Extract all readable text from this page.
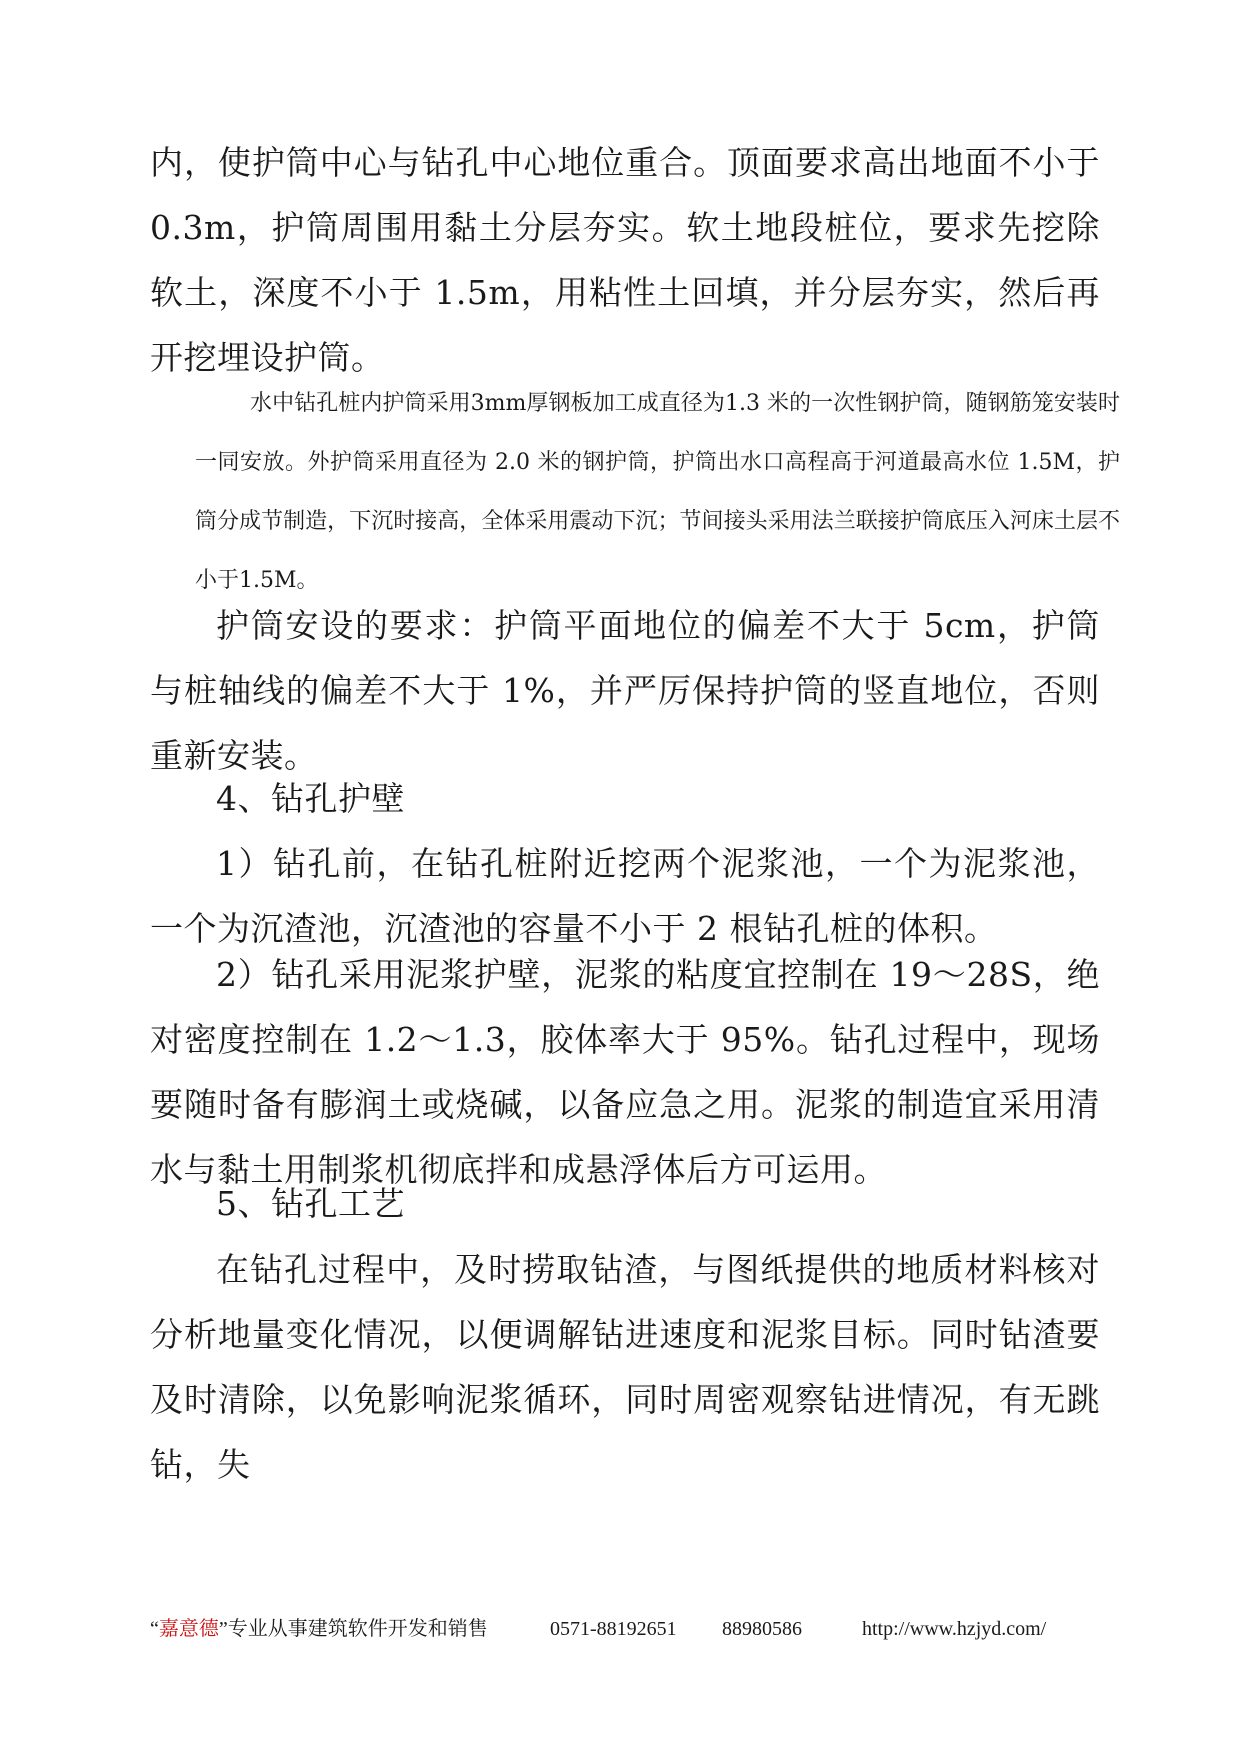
内，使护筒中心与钻孔中心地位重合。顶面要求高出地面不小于0.3m，护筒周围用黏土分层夯实。软土地段桩位，要求先挖除软土，深度不小于 1.5m，用粘性土回填，并分层夯实，然后再开挖埋设护筒。

水中钻孔桩内护筒采用3mm厚钢板加工成直径为1.3 米的一次性钢护筒，随钢筋笼安装时一同安放。外护筒采用直径为 2.0 米的钢护筒，护筒出水口高程高于河道最高水位 1.5M，护筒分成节制造，下沉时接高，全体采用震动下沉；节间接头采用法兰联接护筒底压入河床土层不小于1.5M。

护筒安设的要求：护筒平面地位的偏差不大于 5cm，护筒与桩轴线的偏差不大于 1%，并严厉保持护筒的竖直地位，否则重新安装。

4、钻孔护壁

1）钻孔前，在钻孔桩附近挖两个泥浆池，一个为泥浆池，一个为沉渣池，沉渣池的容量不小于 2 根钻孔桩的体积。

2）钻孔采用泥浆护壁，泥浆的粘度宜控制在 19～28S，绝对密度控制在 1.2～1.3，胶体率大于 95%。钻孔过程中，现场要随时备有膨润土或烧碱，以备应急之用。泥浆的制造宜采用清水与黏土用制浆机彻底拌和成悬浮体后方可运用。

5、钻孔工艺

在钻孔过程中，及时捞取钻渣，与图纸提供的地质材料核对分析地量变化情况，以便调解钻进速度和泥浆目标。同时钻渣要及时清除，以免影响泥浆循环，同时周密观察钻进情况，有无跳钻，失

“嘉意德”专业从事建筑软件开发和销售	0571-88192651 88980586	http://www.hzjyd.com/
